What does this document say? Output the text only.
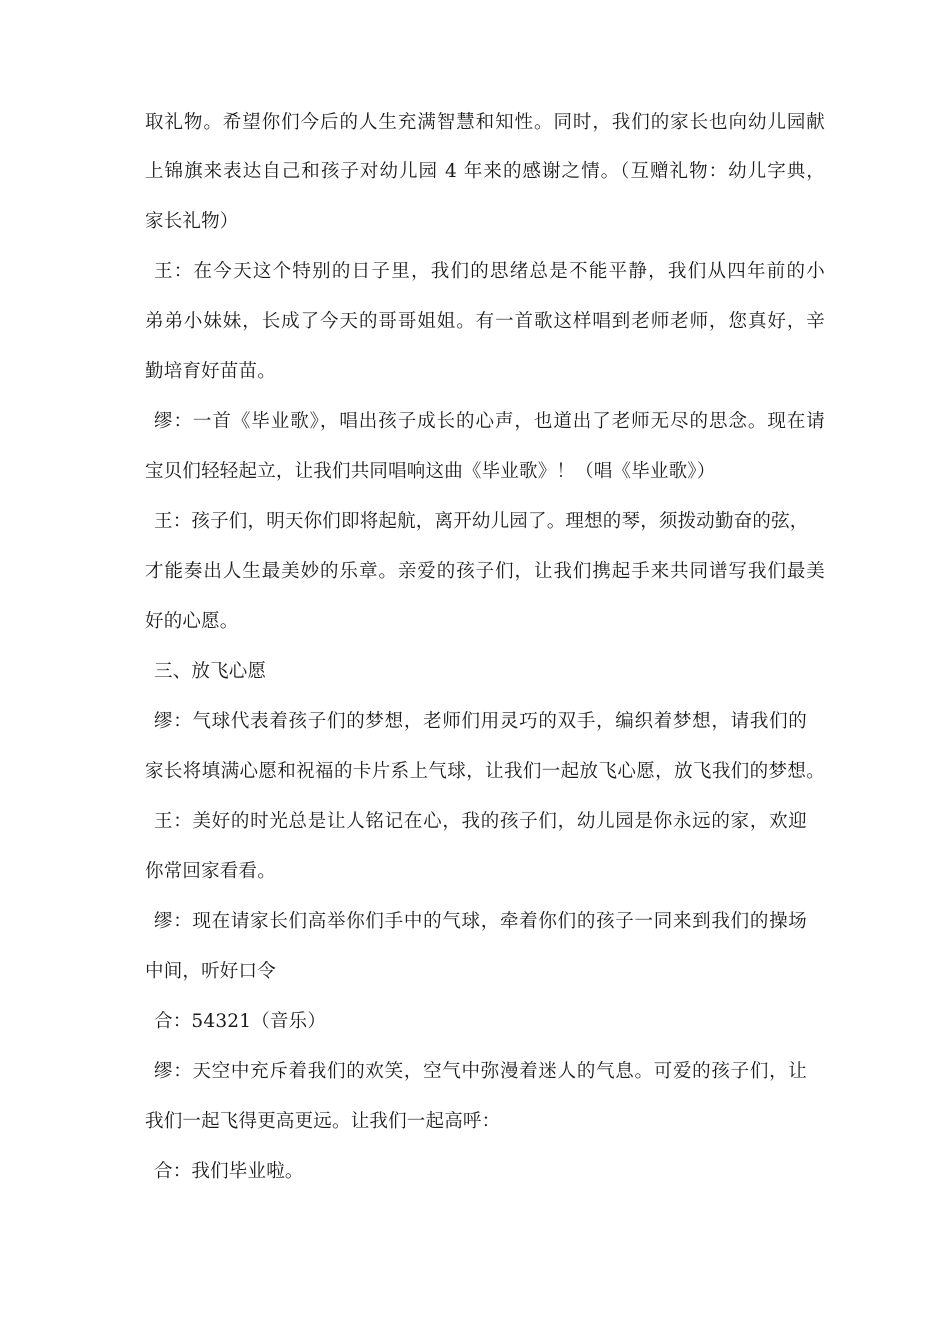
取礼物。希望你们今后的人生充满智慧和知性。同时，我们的家长也向幼儿园献
上锦旗来表达自己和孩子对幼儿园 4 年来的感谢之情。（互赠礼物：幼儿字典，
家长礼物）
王：在今天这个特别的日子里，我们的思绪总是不能平静，我们从四年前的小
弟弟小妹妹，长成了今天的哥哥姐姐。有一首歌这样唱到老师老师，您真好，辛
勤培育好苗苗。
缪：一首《毕业歌》，唱出孩子成长的心声，也道出了老师无尽的思念。现在请
宝贝们轻轻起立，让我们共同唱响这曲《毕业歌》！（唱《毕业歌》）
王：孩子们，明天你们即将起航，离开幼儿园了。理想的琴，须拨动勤奋的弦，
才能奏出人生最美妙的乐章。亲爱的孩子们，让我们携起手来共同谱写我们最美
好的心愿。
三、放飞心愿
缪：气球代表着孩子们的梦想，老师们用灵巧的双手，编织着梦想，请我们的
家长将填满心愿和祝福的卡片系上气球，让我们一起放飞心愿，放飞我们的梦想。
王：美好的时光总是让人铭记在心，我的孩子们，幼儿园是你永远的家，欢迎
你常回家看看。
缪：现在请家长们高举你们手中的气球，牵着你们的孩子一同来到我们的操场
中间，听好口令
合：54321（音乐）
缪：天空中充斥着我们的欢笑，空气中弥漫着迷人的气息。可爱的孩子们，让
我们一起飞得更高更远。让我们一起高呼：
合：我们毕业啦。
